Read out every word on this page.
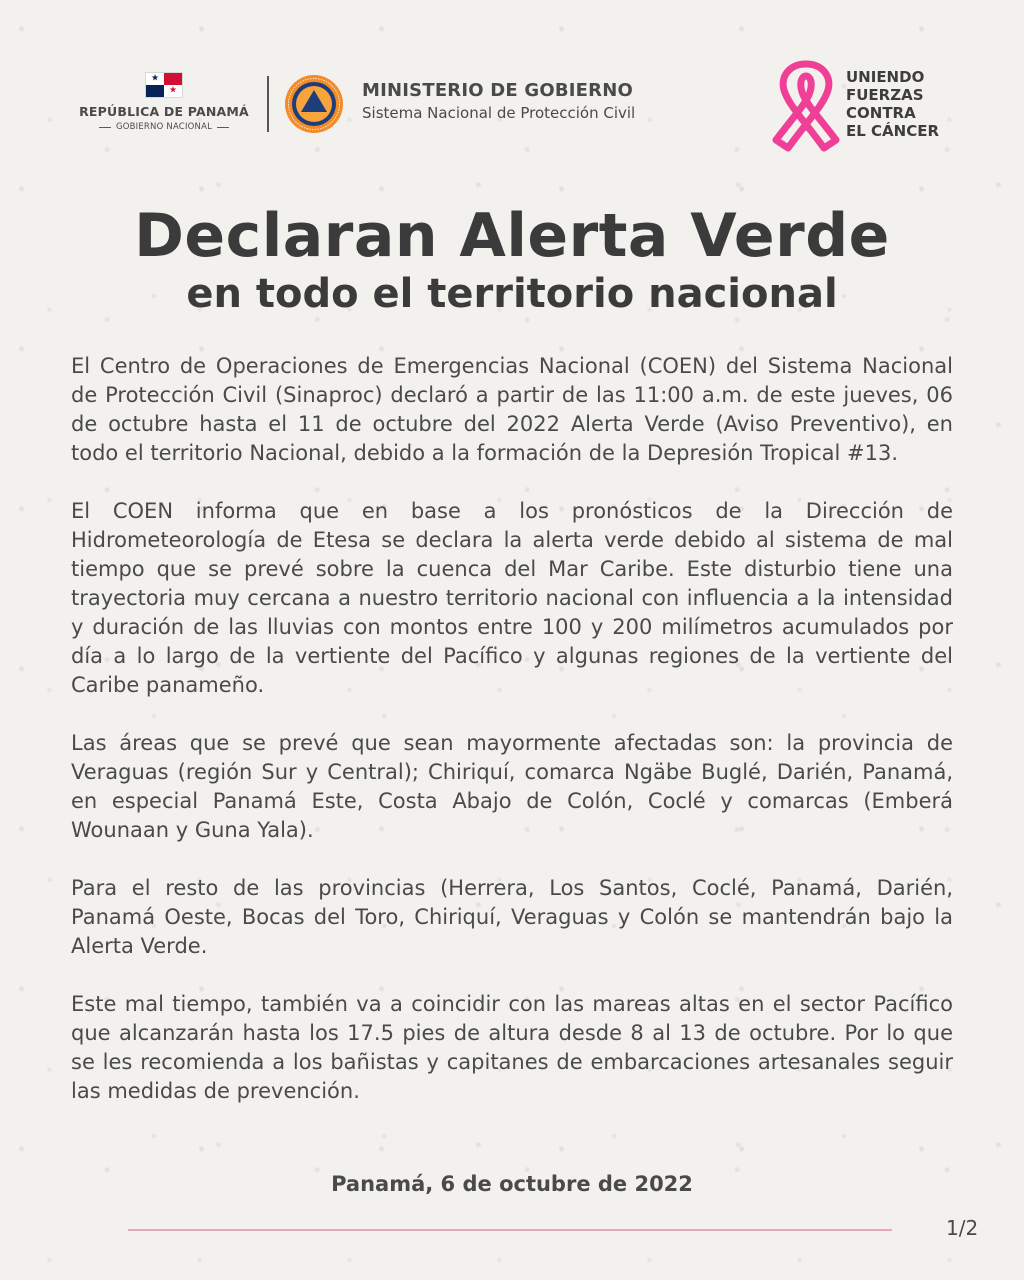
★
★
REPÚBLICA DE PANAMÁ
GOBIERNO NACIONAL
MINISTERIO DE GOBIERNO
Sistema Nacional de Protección Civil
UNIENDO
FUERZAS
CONTRA
EL CÁNCER
Declaran Alerta Verde
en todo el territorio nacional

El Centro de Operaciones de Emergencias Nacional (COEN) del Sistema Nacional de Protección Civil (Sinaproc) declaró a partir de las 11:00 a.m. de este jueves, 06 de octubre hasta el 11 de octubre del 2022 Alerta Verde (Aviso Preventivo), en todo el territorio Nacional, debido a la formación de la Depresión Tropical #13.

El COEN informa que en base a los pronósticos de la Dirección de Hidrometeorología de Etesa se declara la alerta verde debido al sistema de mal tiempo que se prevé sobre la cuenca del Mar Caribe. Este disturbio tiene una trayectoria muy cercana a nuestro territorio nacional con influencia a la intensidad y duración de las lluvias con montos entre 100 y 200 milímetros acumulados por día a lo largo de la vertiente del Pacífico y algunas regiones de la vertiente del Caribe panameño.

Las áreas que se prevé que sean mayormente afectadas son: la provincia de Veraguas (región Sur y Central); Chiriquí, comarca Ngäbe Buglé, Darién, Panamá, en especial Panamá Este, Costa Abajo de Colón, Coclé y comarcas (Emberá Wounaan y Guna Yala).

Para el resto de las provincias (Herrera, Los Santos, Coclé, Panamá, Darién, Panamá Oeste, Bocas del Toro, Chiriquí, Veraguas y Colón se mantendrán bajo la Alerta Verde.

Este mal tiempo, también va a coincidir con las mareas altas en el sector Pacífico que alcanzarán hasta los 17.5 pies de altura desde 8 al 13 de octubre. Por lo que se les recomienda a los bañistas y capitanes de embarcaciones artesanales seguir las medidas de prevención.

Panamá, 6 de octubre de 2022
1/2
